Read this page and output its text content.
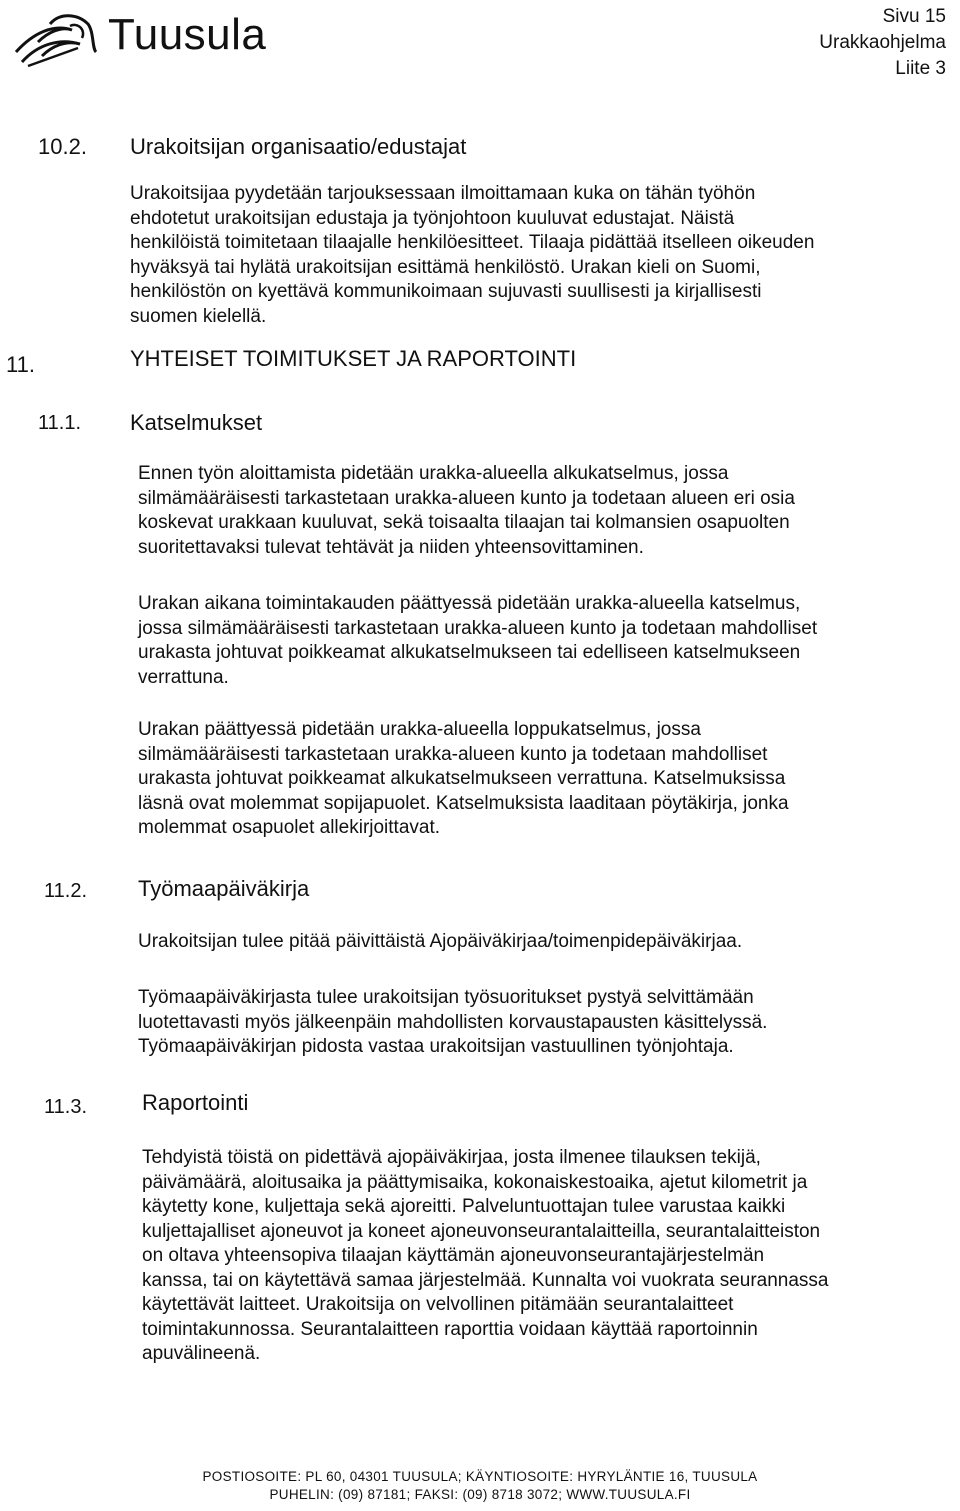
Tuusula	Sivu 15
Urakkaohjelma
Liite 3
10.2. Urakoitsijan organisaatio/edustajat
Urakoitsijaa pyydetään tarjouksessaan ilmoittamaan kuka on tähän työhön
ehdotetut urakoitsijan edustaja ja työnjohtoon kuuluvat edustajat. Näistä
henkilöistä toimitetaan tilaajalle henkilöesitteet. Tilaaja pidättää itselleen oikeuden
hyväksyä tai hylätä urakoitsijan esittämä henkilöstö. Urakan kieli on Suomi,
henkilöstön on kyettävä kommunikoimaan sujuvasti suullisesti ja kirjallisesti
suomen kielellä.
11.	YHTEISET TOIMITUKSET JA RAPORTOINTI
11.1. Katselmukset
Ennen työn aloittamista pidetään urakka-alueella alkukatselmus, jossa
silmämääräisesti tarkastetaan urakka-alueen kunto ja todetaan alueen eri osia
koskevat urakkaan kuuluvat, sekä toisaalta tilaajan tai kolmansien osapuolten
suoritettavaksi tulevat tehtävät ja niiden yhteensovittaminen.
Urakan aikana toimintakauden päättyessä pidetään urakka-alueella katselmus,
jossa silmämääräisesti tarkastetaan urakka-alueen kunto ja todetaan mahdolliset
urakasta johtuvat poikkeamat alkukatselmukseen tai edelliseen katselmukseen
verrattuna.
Urakan päättyessä pidetään urakka-alueella loppukatselmus, jossa
silmämääräisesti tarkastetaan urakka-alueen kunto ja todetaan mahdolliset
urakasta johtuvat poikkeamat alkukatselmukseen verrattuna. Katselmuksissa
läsnä ovat molemmat sopijapuolet. Katselmuksista laaditaan pöytäkirja, jonka
molemmat osapuolet allekirjoittavat.
11.2. Työmaapäiväkirja
Urakoitsijan tulee pitää päivittäistä Ajopäiväkirjaa/toimenpidepäiväkirjaa.
Työmaapäiväkirjasta tulee urakoitsijan työsuoritukset pystyä selvittämään
luotettavasti myös jälkeenpäin mahdollisten korvaustapausten käsittelyssä.
Työmaapäiväkirjan pidosta vastaa urakoitsijan vastuullinen työnjohtaja.
11.3.	Raportointi
Tehdyistä töistä on pidettävä ajopäiväkirjaa, josta ilmenee tilauksen tekijä,
päivämäärä, aloitusaika ja päättymisaika, kokonaiskestoaika, ajetut kilometrit ja
käytetty kone, kuljettaja sekä ajoreitti. Palveluntuottajan tulee varustaa kaikki
kuljettajalliset ajoneuvot ja koneet ajoneuvonseurantalaitteilla, seurantalaitteiston
on oltava yhteensopiva tilaajan käyttämän ajoneuvonseurantajärjestelmän
kanssa, tai on käytettävä samaa järjestelmää. Kunnalta voi vuokrata seurannassa
käytettävät laitteet. Urakoitsija on velvollinen pitämään seurantalaitteet
toimintakunnossa. Seurantalaitteen raporttia voidaan käyttää raportoinnin
apuvälineenä.
POSTIOSOITE: PL 60, 04301 TUUSULA; KÄYNTIOSOITE: HYRYLÄNTIE 16, TUUSULA
PUHELIN: (09) 87181; FAKSI: (09) 8718 3072; WWW.TUUSULA.FI
